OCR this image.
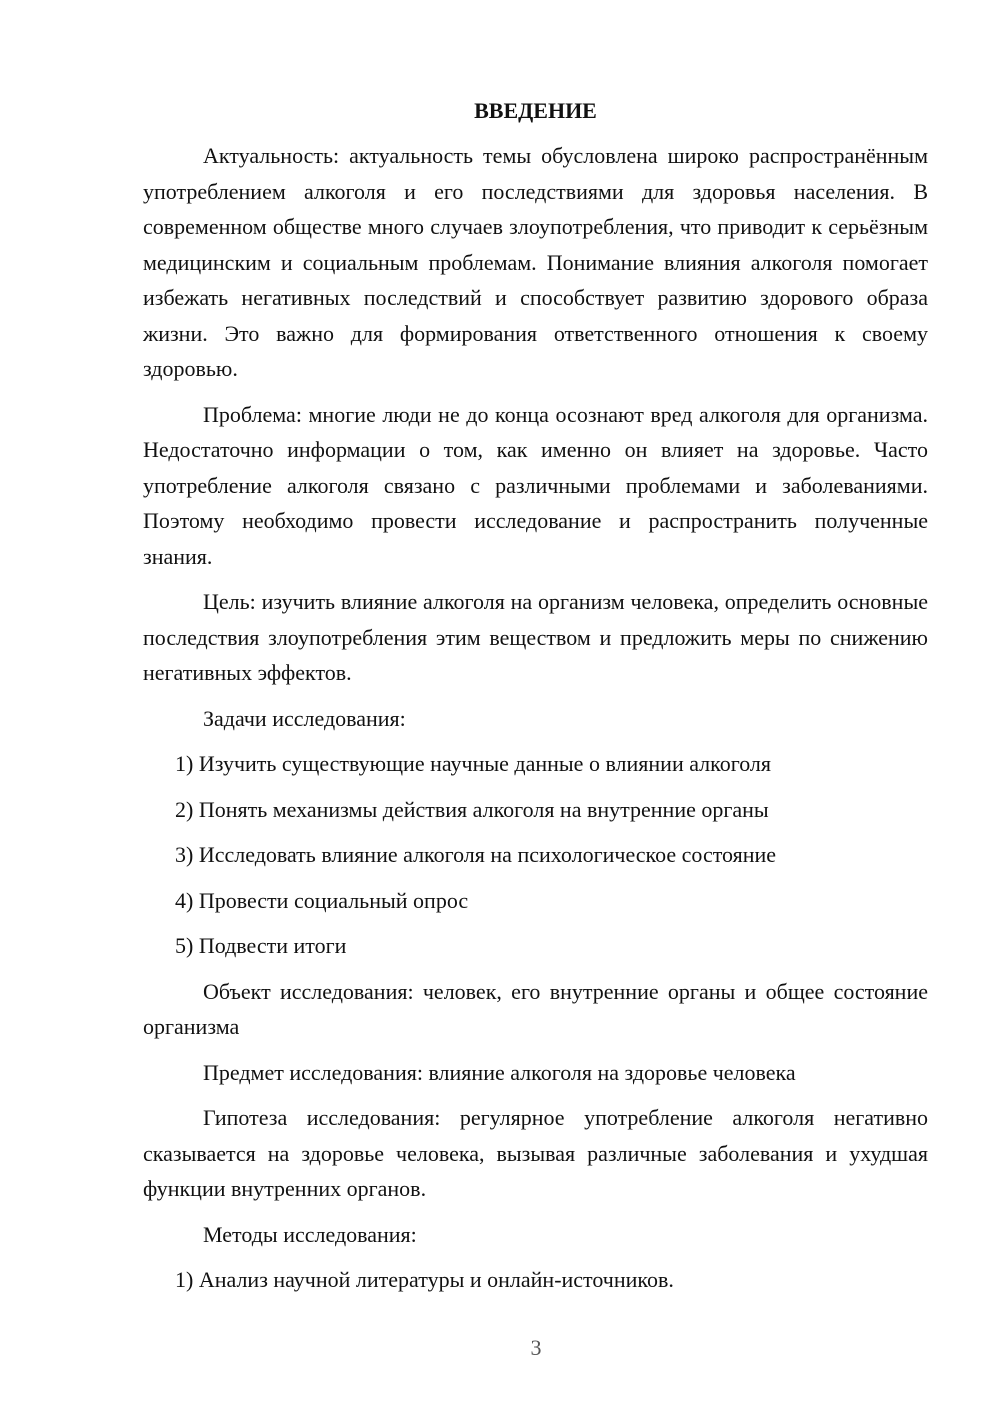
ВВЕДЕНИЕ

Актуальность: актуальность темы обусловлена широко распространённым употреблением алкоголя и его последствиями для здоровья населения. В современном обществе много случаев злоупотребления, что приводит к серьёзным медицинским и социальным проблемам. Понимание влияния алкоголя помогает избежать негативных последствий и способствует развитию здорового образа жизни. Это важно для формирования ответственного отношения к своему здоровью.

Проблема: многие люди не до конца осознают вред алкоголя для организма. Недостаточно информации о том, как именно он влияет на здоровье. Часто употребление алкоголя связано с различными проблемами и заболеваниями. Поэтому необходимо провести исследование и распространить полученные знания.

Цель: изучить влияние алкоголя на организм человека, определить основные последствия злоупотребления этим веществом и предложить меры по снижению негативных эффектов.

Задачи исследования:
1) Изучить существующие научные данные о влиянии алкоголя
2) Понять механизмы действия алкоголя на внутренние органы
3) Исследовать влияние алкоголя на психологическое состояние
4) Провести социальный опрос
5) Подвести итоги

Объект исследования: человек, его внутренние органы и общее состояние организма

Предмет исследования: влияние алкоголя на здоровье человека

Гипотеза исследования: регулярное употребление алкоголя негативно сказывается на здоровье человека, вызывая различные заболевания и ухудшая функции внутренних органов.

Методы исследования:
1) Анализ научной литературы и онлайн-источников.
3
